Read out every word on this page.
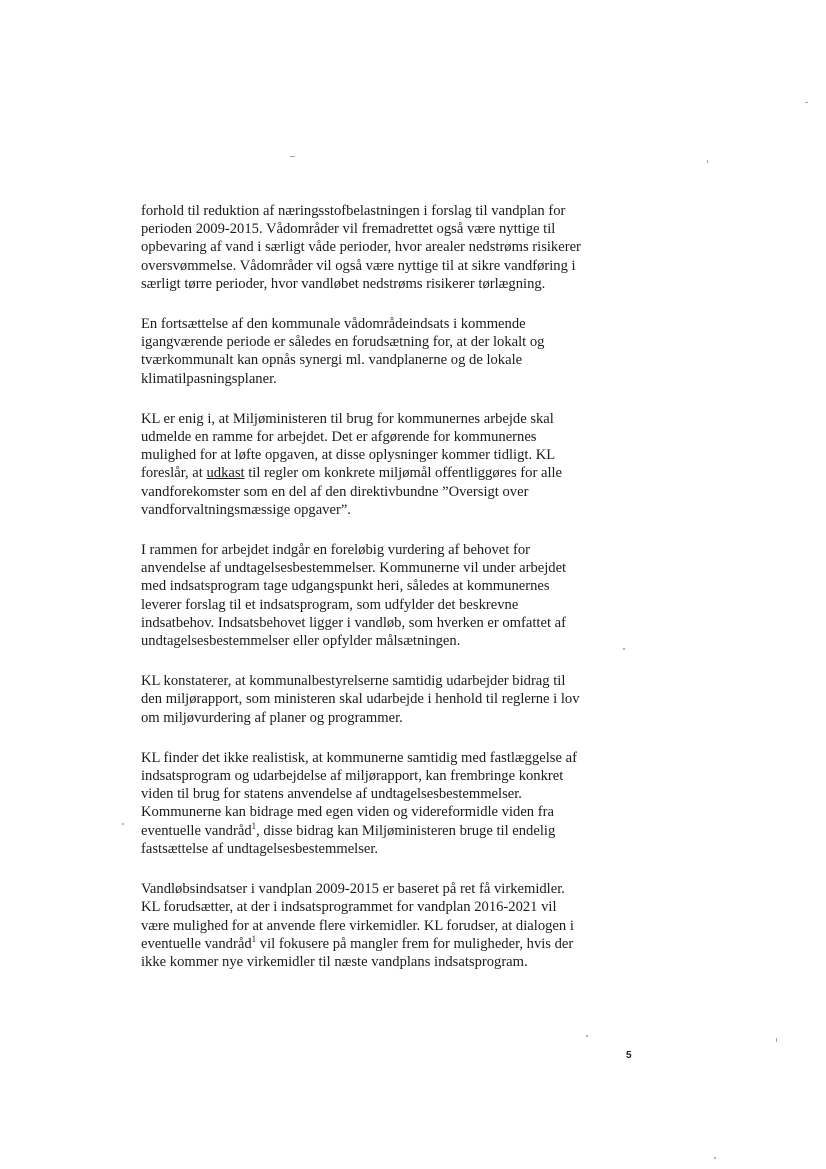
forhold til reduktion af næringsstofbelastningen i forslag til vandplan for
perioden 2009-2015. Vådområder vil fremadrettet også være nyttige til
opbevaring af vand i særligt våde perioder, hvor arealer nedstrøms risikerer
oversvømmelse. Vådområder vil også være nyttige til at sikre vandføring i
særligt tørre perioder, hvor vandløbet nedstrøms risikerer tørlægning.

En fortsættelse af den kommunale vådområdeindsats i kommende
igangværende periode er således en forudsætning for, at der lokalt og
tværkommunalt kan opnås synergi ml. vandplanerne og de lokale
klimatilpasningsplaner.

KL er enig i, at Miljøministeren til brug for kommunernes arbejde skal
udmelde en ramme for arbejdet. Det er afgørende for kommunernes
mulighed for at løfte opgaven, at disse oplysninger kommer tidligt. KL
foreslår, at udkast til regler om konkrete miljømål offentliggøres for alle
vandforekomster som en del af den direktivbundne ”Oversigt over
vandforvaltningsmæssige opgaver”.

I rammen for arbejdet indgår en foreløbig vurdering af behovet for
anvendelse af undtagelsesbestemmelser. Kommunerne vil under arbejdet
med indsatsprogram tage udgangspunkt heri, således at kommunernes
leverer forslag til et indsatsprogram, som udfylder det beskrevne
indsatbehov. Indsatsbehovet ligger i vandløb, som hverken er omfattet af
undtagelsesbestemmelser eller opfylder målsætningen.

KL konstaterer, at kommunalbestyrelserne samtidig udarbejder bidrag til
den miljørapport, som ministeren skal udarbejde i henhold til reglerne i lov
om miljøvurdering af planer og programmer.

KL finder det ikke realistisk, at kommunerne samtidig med fastlæggelse af
indsatsprogram og udarbejdelse af miljørapport, kan frembringe konkret
viden til brug for statens anvendelse af undtagelsesbestemmelser.
Kommunerne kan bidrage med egen viden og videreformidle viden fra
eventuelle vandråd$^1$, disse bidrag kan Miljøministeren bruge til endelig
fastsættelse af undtagelsesbestemmelser.

Vandløbsindsatser i vandplan 2009-2015 er baseret på ret få virkemidler.
KL forudsætter, at der i indsatsprogrammet for vandplan 2016-2021 vil
være mulighed for at anvende flere virkemidler. KL forudser, at dialogen i
eventuelle vandråd$^1$ vil fokusere på mangler frem for muligheder, hvis der
ikke kommer nye virkemidler til næste vandplans indsatsprogram.

5
